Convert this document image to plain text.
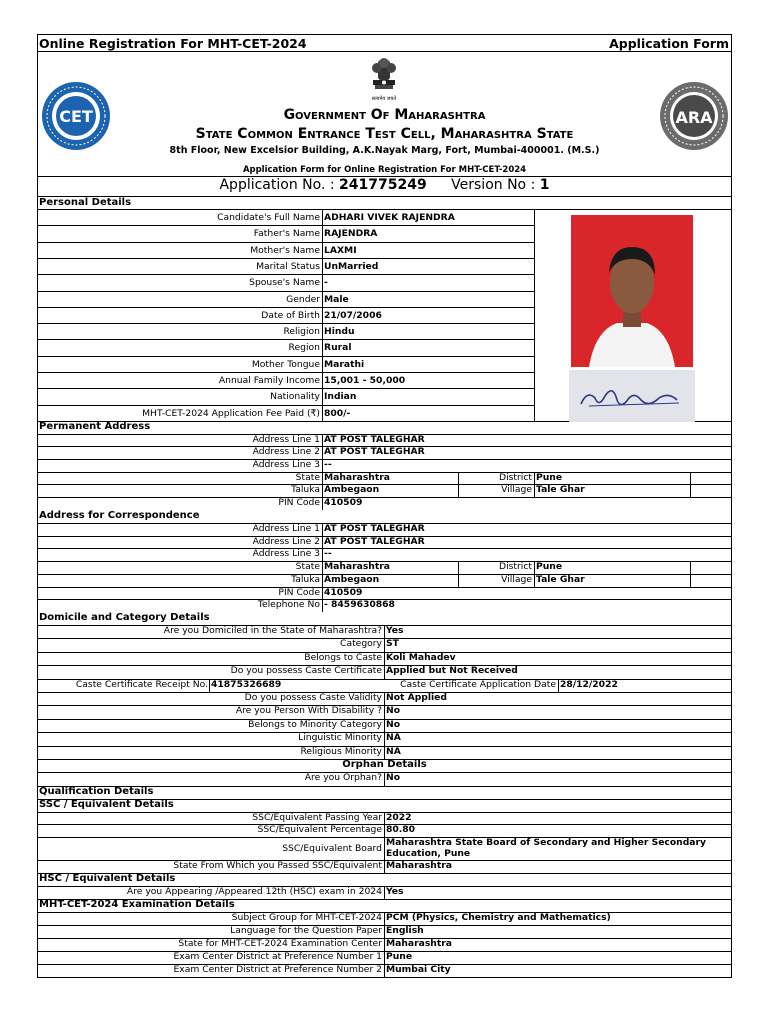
Online Registration For MHT-CET-2024	Application Form
CET
सत्यमेव जयते
Government Of Maharashtra
State Common Entrance Test Cell, Maharashtra State
8th Floor, New Excelsior Building, A.K.Nayak Marg, Fort, Mumbai-400001. (M.S.)
Application Form for Online Registration For MHT-CET-2024
ARA
Application No. : 241775249 Version No : 1
Personal Details
Candidate's Full Name ADHARI VIVEK RAJENDRA
Father's Name RAJENDRA
Mother's Name LAXMI
Marital Status UnMarried
Spouse's Name -
Gender Male
Date of Birth 21/07/2006
Religion Hindu
Region Rural
Mother Tongue Marathi
Annual Family Income 15,001 - 50,000
Nationality Indian
MHT-CET-2024 Application Fee Paid (₹) 800/-
Permanent Address
Address Line 1 AT POST TALEGHAR
Address Line 2 AT POST TALEGHAR
Address Line 3 --
State Maharashtra	District Pune
Taluka Ambegaon	Village Tale Ghar
PIN Code 410509
Address for Correspondence
Address Line 1 AT POST TALEGHAR
Address Line 2 AT POST TALEGHAR
Address Line 3 --
State Maharashtra	District Pune
Taluka Ambegaon	Village Tale Ghar
PIN Code 410509
Telephone No - 8459630868
Domicile and Category Details
Are you Domiciled in the State of Maharashtra? Yes
Category ST
Belongs to Caste Koli Mahadev
Do you possess Caste Certificate Applied but Not Received
Caste Certificate Receipt No. 41875326689	Caste Certificate Application Date 28/12/2022
Do you possess Caste Validity Not Applied
Are you Person With Disability ? No
Belongs to Minority Category No
Linguistic Minority NA
Religious Minority NA
Orphan Details
Are you Orphan? No
Qualification Details
SSC / Equivalent Details
SSC/Equivalent Passing Year 2022
SSC/Equivalent Percentage 80.80
SSC/Equivalent Board
Maharashtra State Board of Secondary and Higher Secondary
Education, Pune
State From Which you Passed SSC/Equivalent Maharashtra
HSC / Equivalent Details
Are you Appearing /Appeared 12th (HSC) exam in 2024 Yes
MHT-CET-2024 Examination Details
Subject Group for MHT-CET-2024 PCM (Physics, Chemistry and Mathematics)
Language for the Question Paper English
State for MHT-CET-2024 Examination Center Maharashtra
Exam Center District at Preference Number 1 Pune
Exam Center District at Preference Number 2 Mumbai City
